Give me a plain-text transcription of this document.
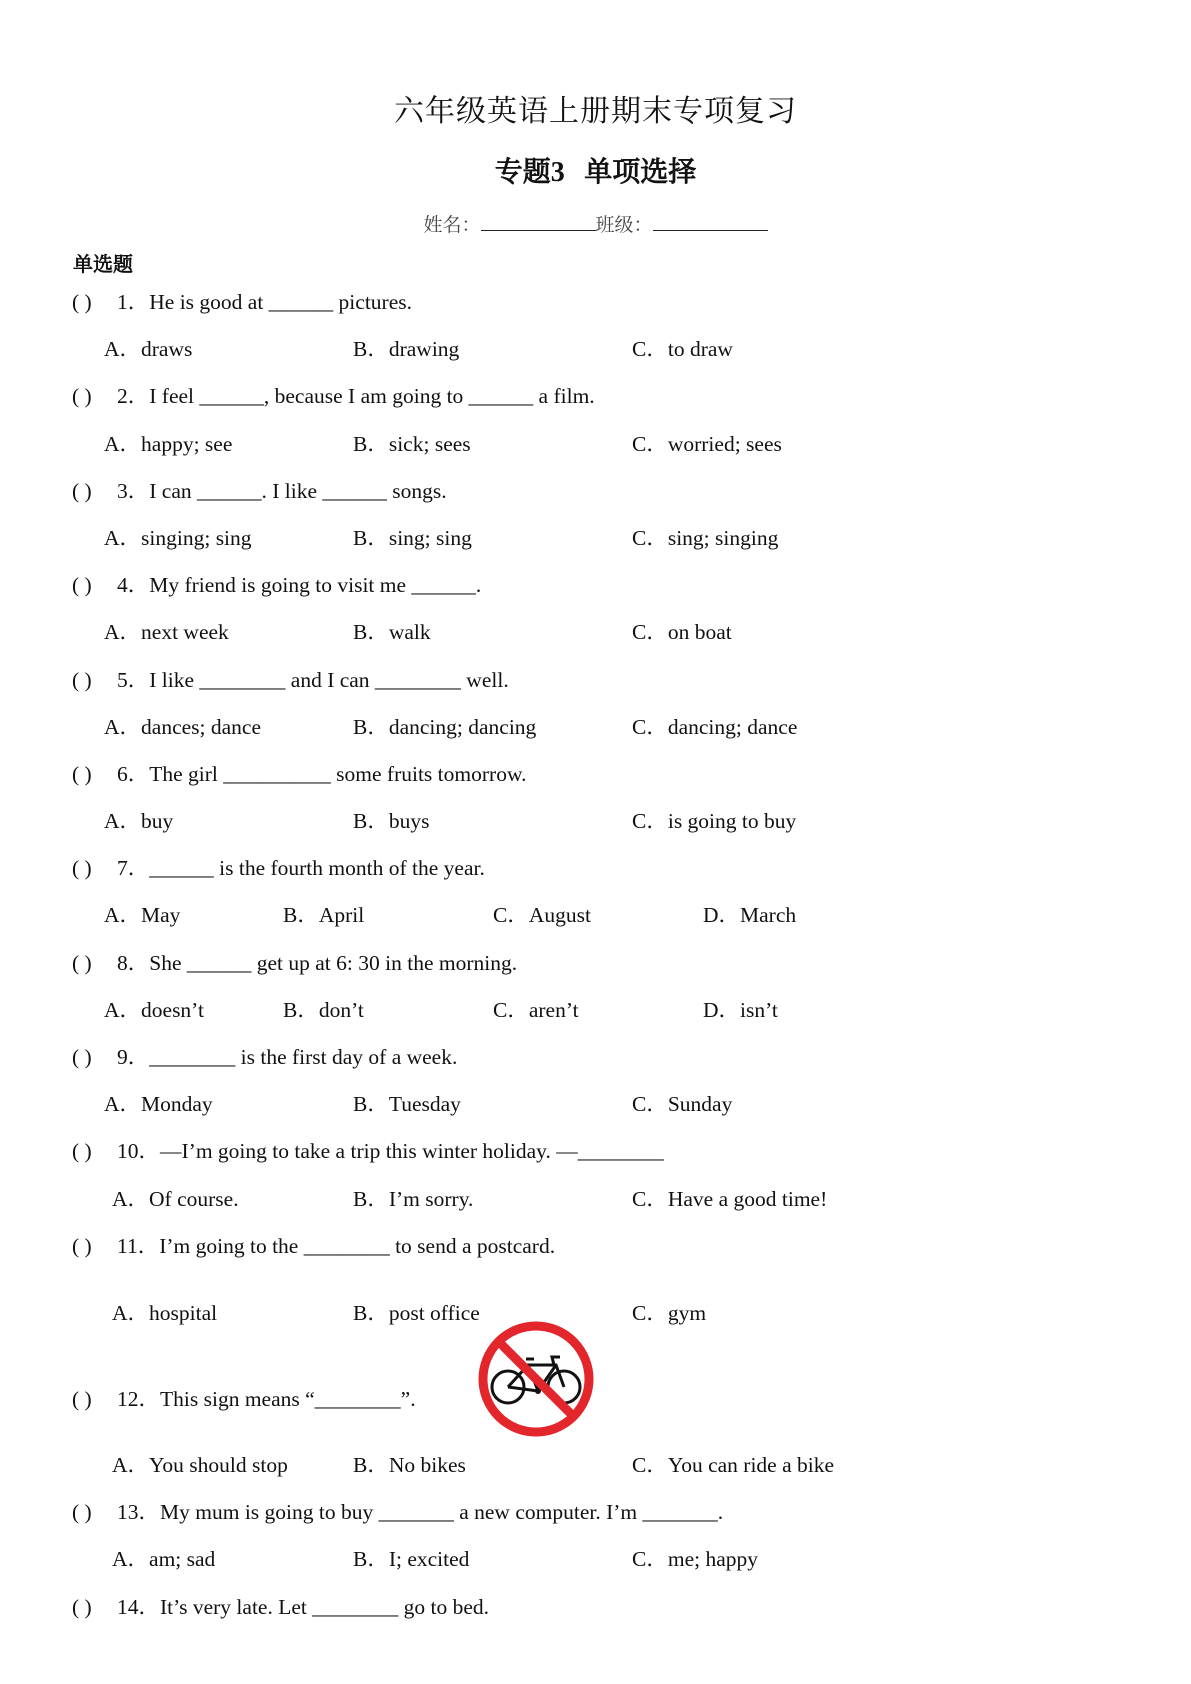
六年级英语上册期末专项复习
专题3 单项选择
姓名：	班级：
单选题
( ) 1．He is good at ______ pictures.
A．draws	B．drawing	C．to draw
( ) 2．I feel ______, because I am going to ______ a film.
A．happy; see	B．sick; sees	C．worried; sees
( ) 3．I can ______. I like ______ songs.
A．singing; sing	B．sing; sing	C．sing; singing
( ) 4．My friend is going to visit me ______.
A．next week	B．walk	C．on boat
( ) 5．I like ________ and I can ________ well.
A．dances; dance	B．dancing; dancing	C．dancing; dance
( ) 6．The girl __________ some fruits tomorrow.
A．buy	B．buys	C．is going to buy
( ) 7．______ is the fourth month of the year.
A．May	B．April	C．August	D．March
( ) 8．She ______ get up at 6: 30 in the morning.
A．doesn’t	B．don’t	C．aren’t	D．isn’t
( ) 9．________ is the first day of a week.
A．Monday	B．Tuesday	C．Sunday
( ) 10．—I’m going to take a trip this winter holiday. —________
A．Of course.	B．I’m sorry.	C．Have a good time!
( ) 11．I’m going to the ________ to send a postcard.
A．hospital	B．post office	C．gym
( ) 12．This sign means “________”.
A．You should stop	B．No bikes	C．You can ride a bike
( ) 13．My mum is going to buy _______ a new computer. I’m _______.
A．am; sad	B．I; excited	C．me; happy
( ) 14．It’s very late. Let ________ go to bed.
